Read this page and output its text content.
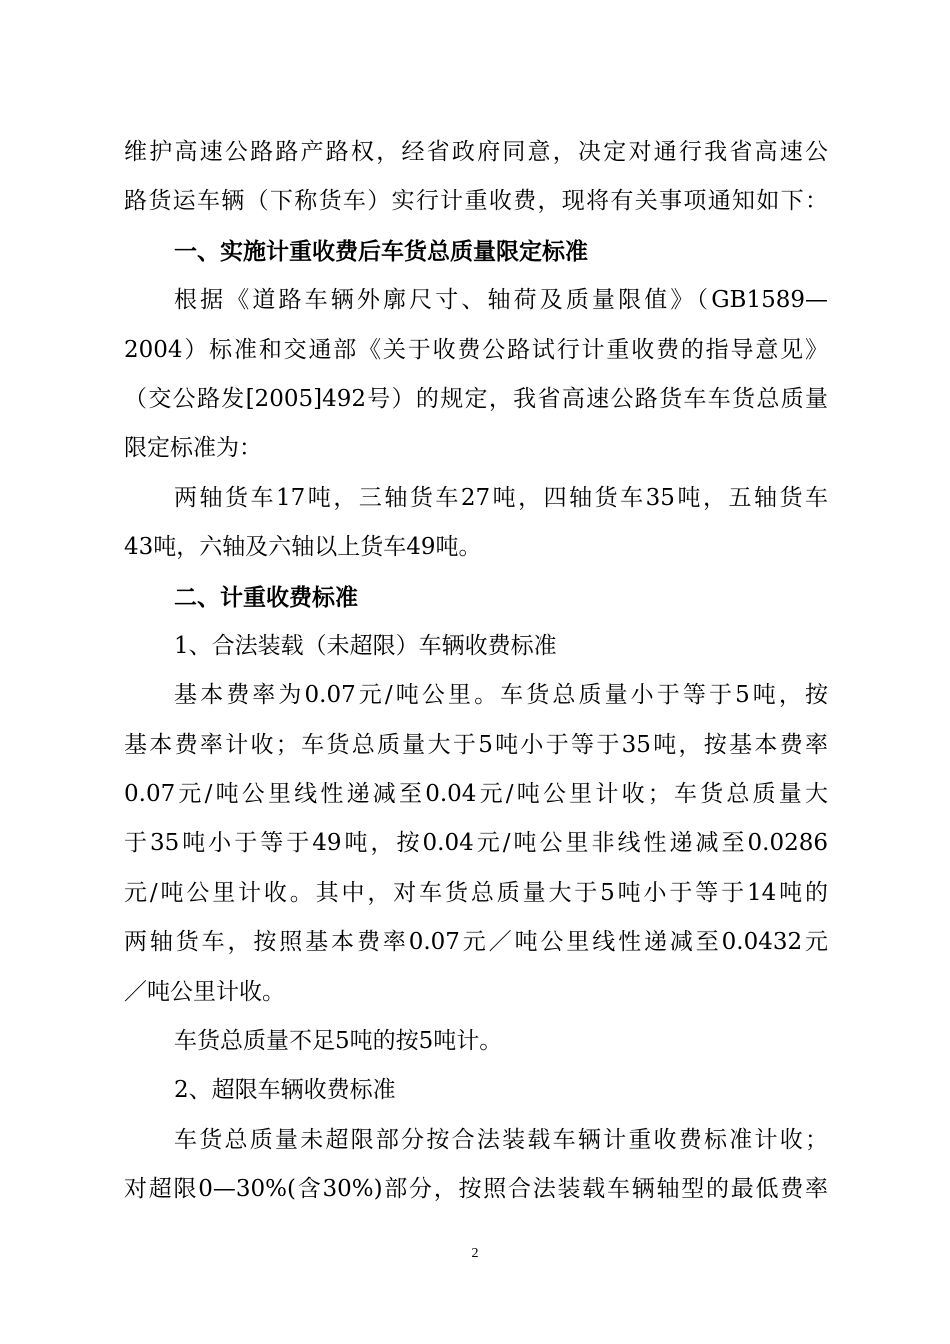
维护高速公路路产路权，经省政府同意，决定对通行我省高速公
路货运车辆（下称货车）实行计重收费，现将有关事项通知如下：
一、实施计重收费后车货总质量限定标准
根据《道路车辆外廓尺寸、轴荷及质量限值》（GB1589—
2004）标准和交通部《关于收费公路试行计重收费的指导意见》
（交公路发[2005]492号）的规定，我省高速公路货车车货总质量
限定标准为：
两轴货车17吨，三轴货车27吨，四轴货车35吨，五轴货车
43吨，六轴及六轴以上货车49吨。
二、计重收费标准
1、合法装载（未超限）车辆收费标准
基本费率为0.07元/吨公里。车货总质量小于等于5吨，按
基本费率计收；车货总质量大于5吨小于等于35吨，按基本费率
0.07元/吨公里线性递减至0.04元/吨公里计收；车货总质量大
于35吨小于等于49吨，按0.04元/吨公里非线性递减至0.0286
元/吨公里计收。其中，对车货总质量大于5吨小于等于14吨的
两轴货车，按照基本费率0.07元／吨公里线性递减至0.0432元
／吨公里计收。
车货总质量不足5吨的按5吨计。
2、超限车辆收费标准
车货总质量未超限部分按合法装载车辆计重收费标准计收；
对超限0—30%(含30%)部分，按照合法装载车辆轴型的最低费率
2
